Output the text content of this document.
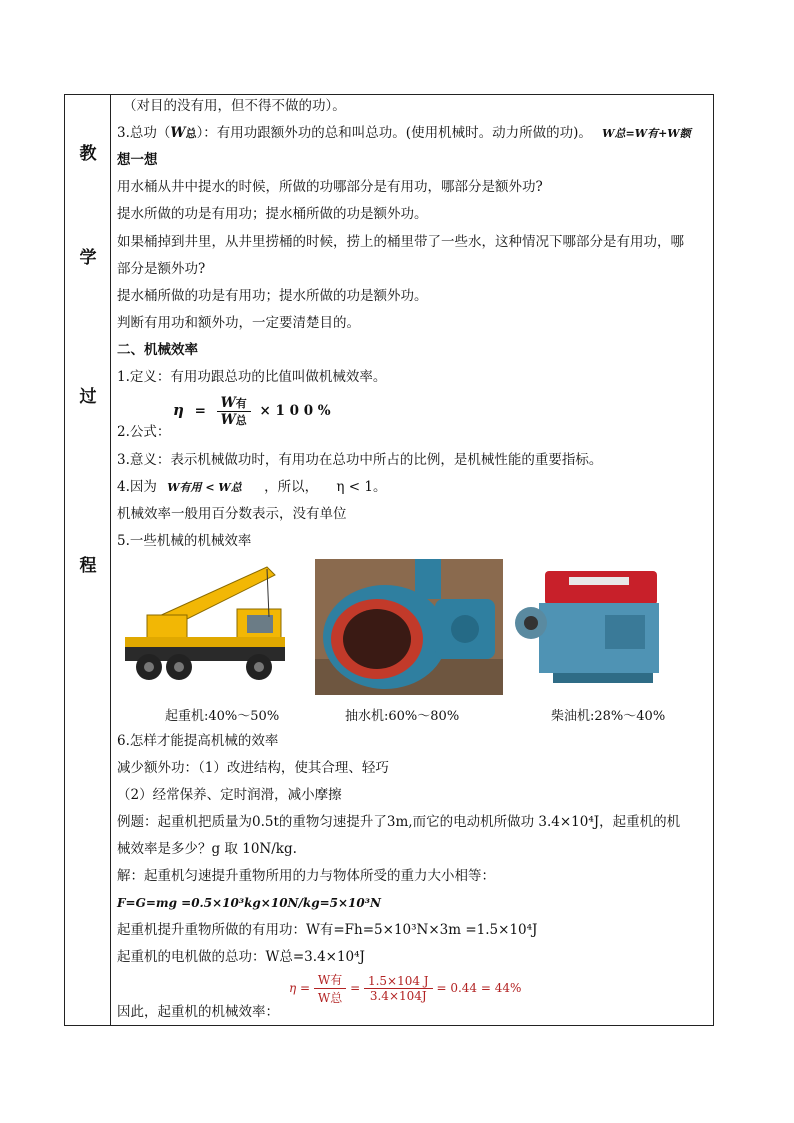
教
学
过
程
（对目的没有用，但不得不做的功）。
3.总功（W总）：有用功跟额外功的总和叫总功。(使用机械时。动力所做的功)。 W总=W有+W额
想一想
用水桶从井中提水的时候，所做的功哪部分是有用功，哪部分是额外功?
提水所做的功是有用功；提水桶所做的功是额外功。
如果桶掉到井里，从井里捞桶的时候，捞上的桶里带了一些水，这种情况下哪部分是有用功，哪
部分是额外功?
提水桶所做的功是有用功；提水所做的功是额外功。
判断有用功和额外功，一定要清楚目的。
二、机械效率
1.定义：有用功跟总功的比值叫做机械效率。
2.公式：
$\eta = \frac{\text{W有}}{\text{W总}} \times 1$ 0 0 %
3.意义：表示机械做功时，有用功在总功中所占的比例，是机械性能的重要指标。
4.因为 W有用 < W总 ，所以， η < 1。
机械效率一般用百分数表示，没有单位
5.一些机械的机械效率
起重机:40%～50%	抽水机:60%～80%	柴油机:28%～40%
6.怎样才能提高机械的效率
减少额外功：（1）改进结构，使其合理、轻巧
（2）经常保养、定时润滑，减小摩擦
例题：起重机把质量为0.5t的重物匀速提升了3m,而它的电动机所做功 3.4×10⁴J，起重机的机
械效率是多少？g 取 10N/kg.
解：起重机匀速提升重物所用的力与物体所受的重力大小相等：
F=G=mg =0.5×10³kg×10N/kg=5×10³N
起重机提升重物所做的有用功：W有=Fh=5×10³N×3m =1.5×10⁴J
起重机的电机做的总功：W总=3.4×10⁴J
因此，起重机的机械效率：
$\eta = \frac{\text{W有}}{\text{W总}} = \frac{1.5\times 104 J}{3.4\times 104J} = 0.44 = 44\%$
